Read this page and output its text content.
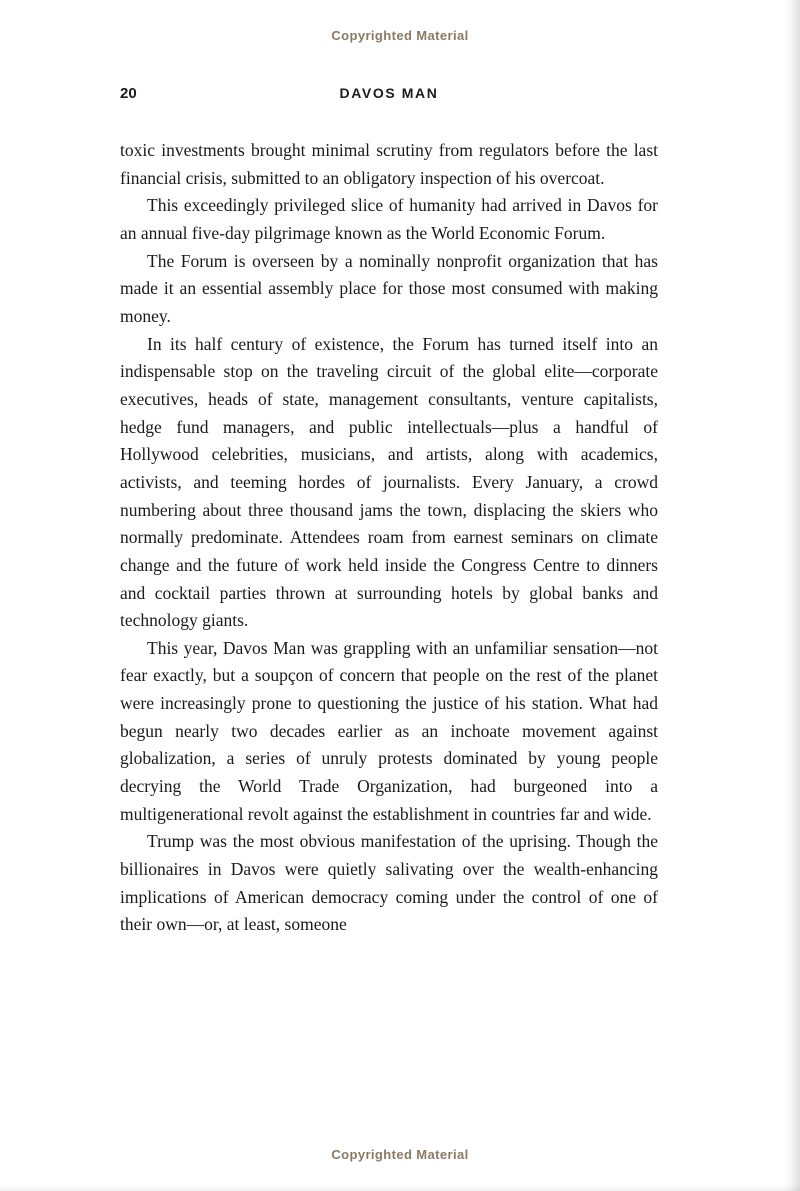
Copyrighted Material
20	DAVOS MAN

toxic investments brought minimal scrutiny from regulators before the last financial crisis, submitted to an obligatory inspection of his overcoat.

This exceedingly privileged slice of humanity had arrived in Davos for an annual five-day pilgrimage known as the World Economic Forum.

The Forum is overseen by a nominally nonprofit organization that has made it an essential assembly place for those most consumed with making money.

In its half century of existence, the Forum has turned itself into an indispensable stop on the traveling circuit of the global elite—corporate executives, heads of state, management consultants, venture capitalists, hedge fund managers, and public intellectuals—plus a handful of Hollywood celebrities, musicians, and artists, along with academics, activists, and teeming hordes of journalists. Every January, a crowd numbering about three thousand jams the town, displacing the skiers who normally predominate. Attendees roam from earnest seminars on climate change and the future of work held inside the Congress Centre to dinners and cocktail parties thrown at surrounding hotels by global banks and technology giants.

This year, Davos Man was grappling with an unfamiliar sensation—not fear exactly, but a soupçon of concern that people on the rest of the planet were increasingly prone to questioning the justice of his station. What had begun nearly two decades earlier as an inchoate movement against globalization, a series of unruly protests dominated by young people decrying the World Trade Organization, had burgeoned into a multigenerational revolt against the establishment in countries far and wide.

Trump was the most obvious manifestation of the uprising. Though the billionaires in Davos were quietly salivating over the wealth-enhancing implications of American democracy coming under the control of one of their own—or, at least, someone

Copyrighted Material
